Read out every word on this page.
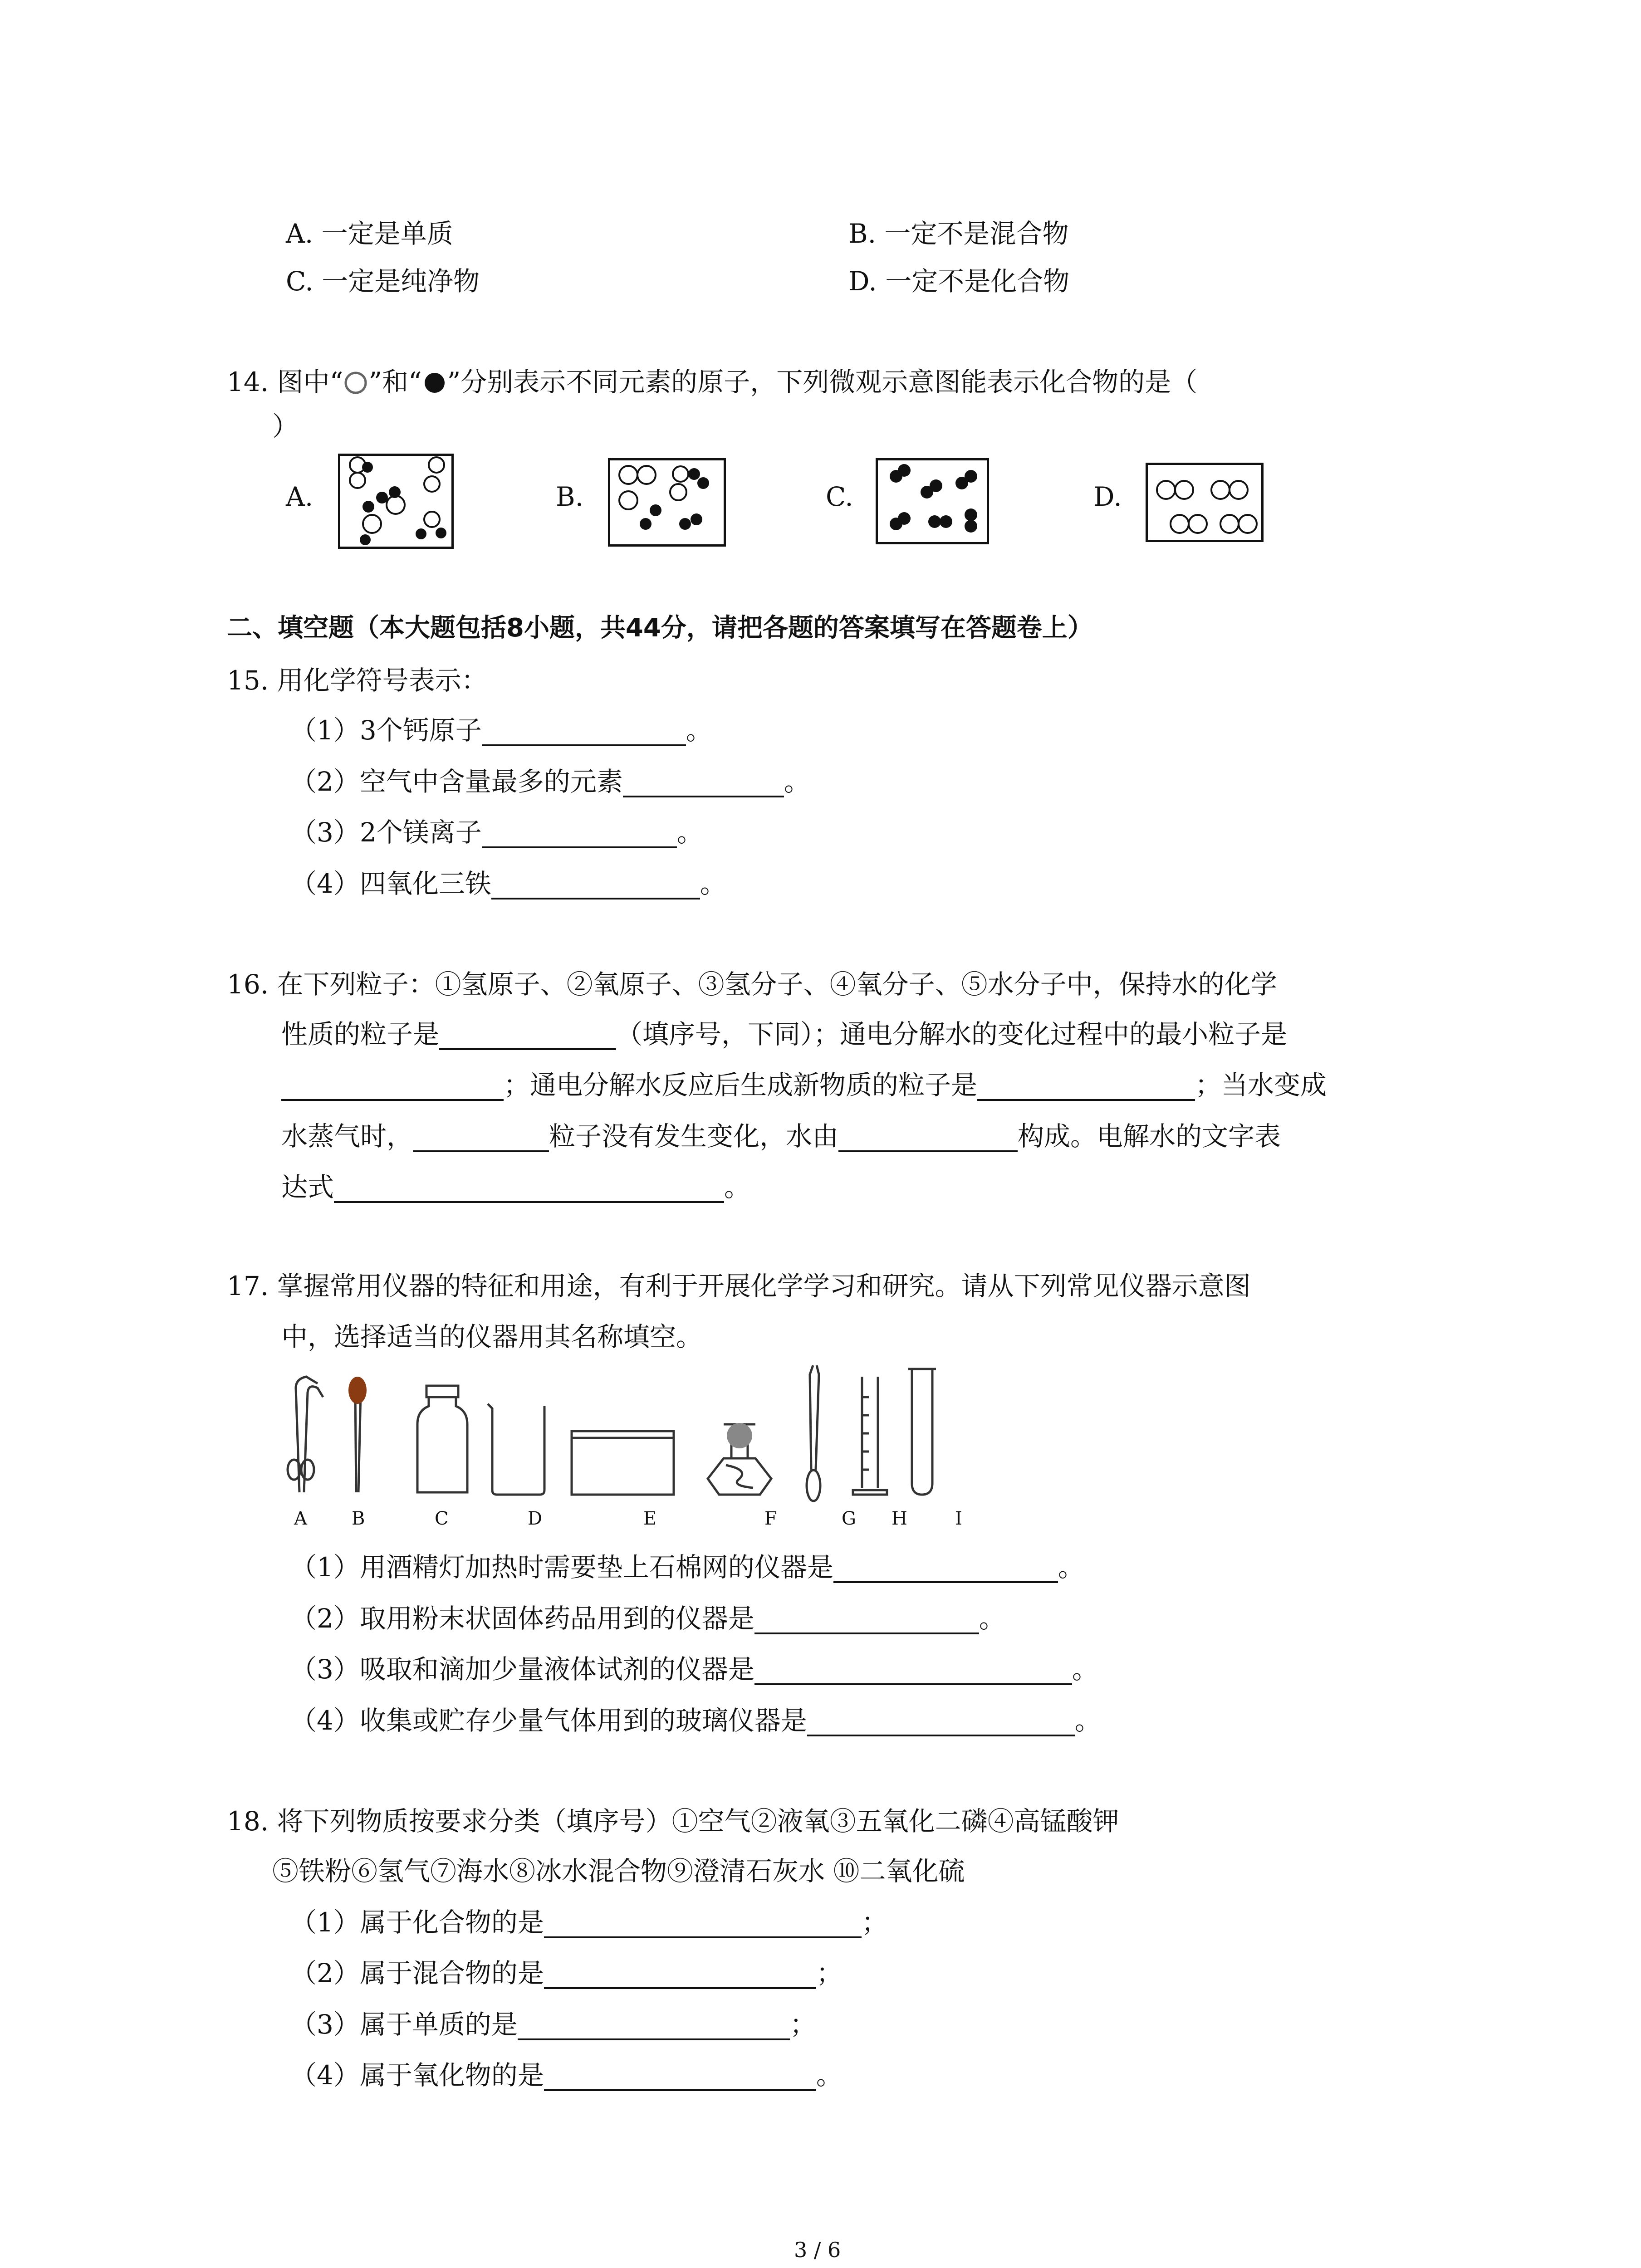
A. 一定是单质	B. 一定不是混合物
C. 一定是纯净物	D. 一定不是化合物
14. 图中“ ”和“ ”分别表示不同元素的原子，下列微观示意图能表示化合物的是（
）
A.	B.	C.	D.
二、填空题（本大题包括8小题，共44分，请把各题的答案填写在答题卷上）
15. 用化学符号表示：
（1）3个钙原子	。
（2）空气中含量最多的元素	。
（3）2个镁离子	。
（4）四氧化三铁	。
16. 在下列粒子：①氢原子、②氧原子、③氢分子、④氧分子、⑤水分子中，保持水的化学
性质的粒子是	（填序号，下同）；通电分解水的变化过程中的最小粒子是
；通电分解水反应后生成新物质的粒子是	；当水变成
水蒸气时，	粒子没有发生变化，水由	构成。电解水的文字表
达式	。
17. 掌握常用仪器的特征和用途，有利于开展化学学习和研究。请从下列常见仪器示意图
中，选择适当的仪器用其名称填空。
A B	C	D	E	F	G H	I
（1）用酒精灯加热时需要垫上石棉网的仪器是	。
（2）取用粉末状固体药品用到的仪器是	。
（3）吸取和滴加少量液体试剂的仪器是	。
（4）收集或贮存少量气体用到的玻璃仪器是	。
18. 将下列物质按要求分类（填序号）①空气②液氧③五氧化二磷④高锰酸钾
⑤铁粉⑥氢气⑦海水⑧冰水混合物⑨澄清石灰水 ⑩二氧化硫
（1）属于化合物的是	；
（2）属于混合物的是	；
（3）属于单质的是	；
（4）属于氧化物的是	。
3 / 6
